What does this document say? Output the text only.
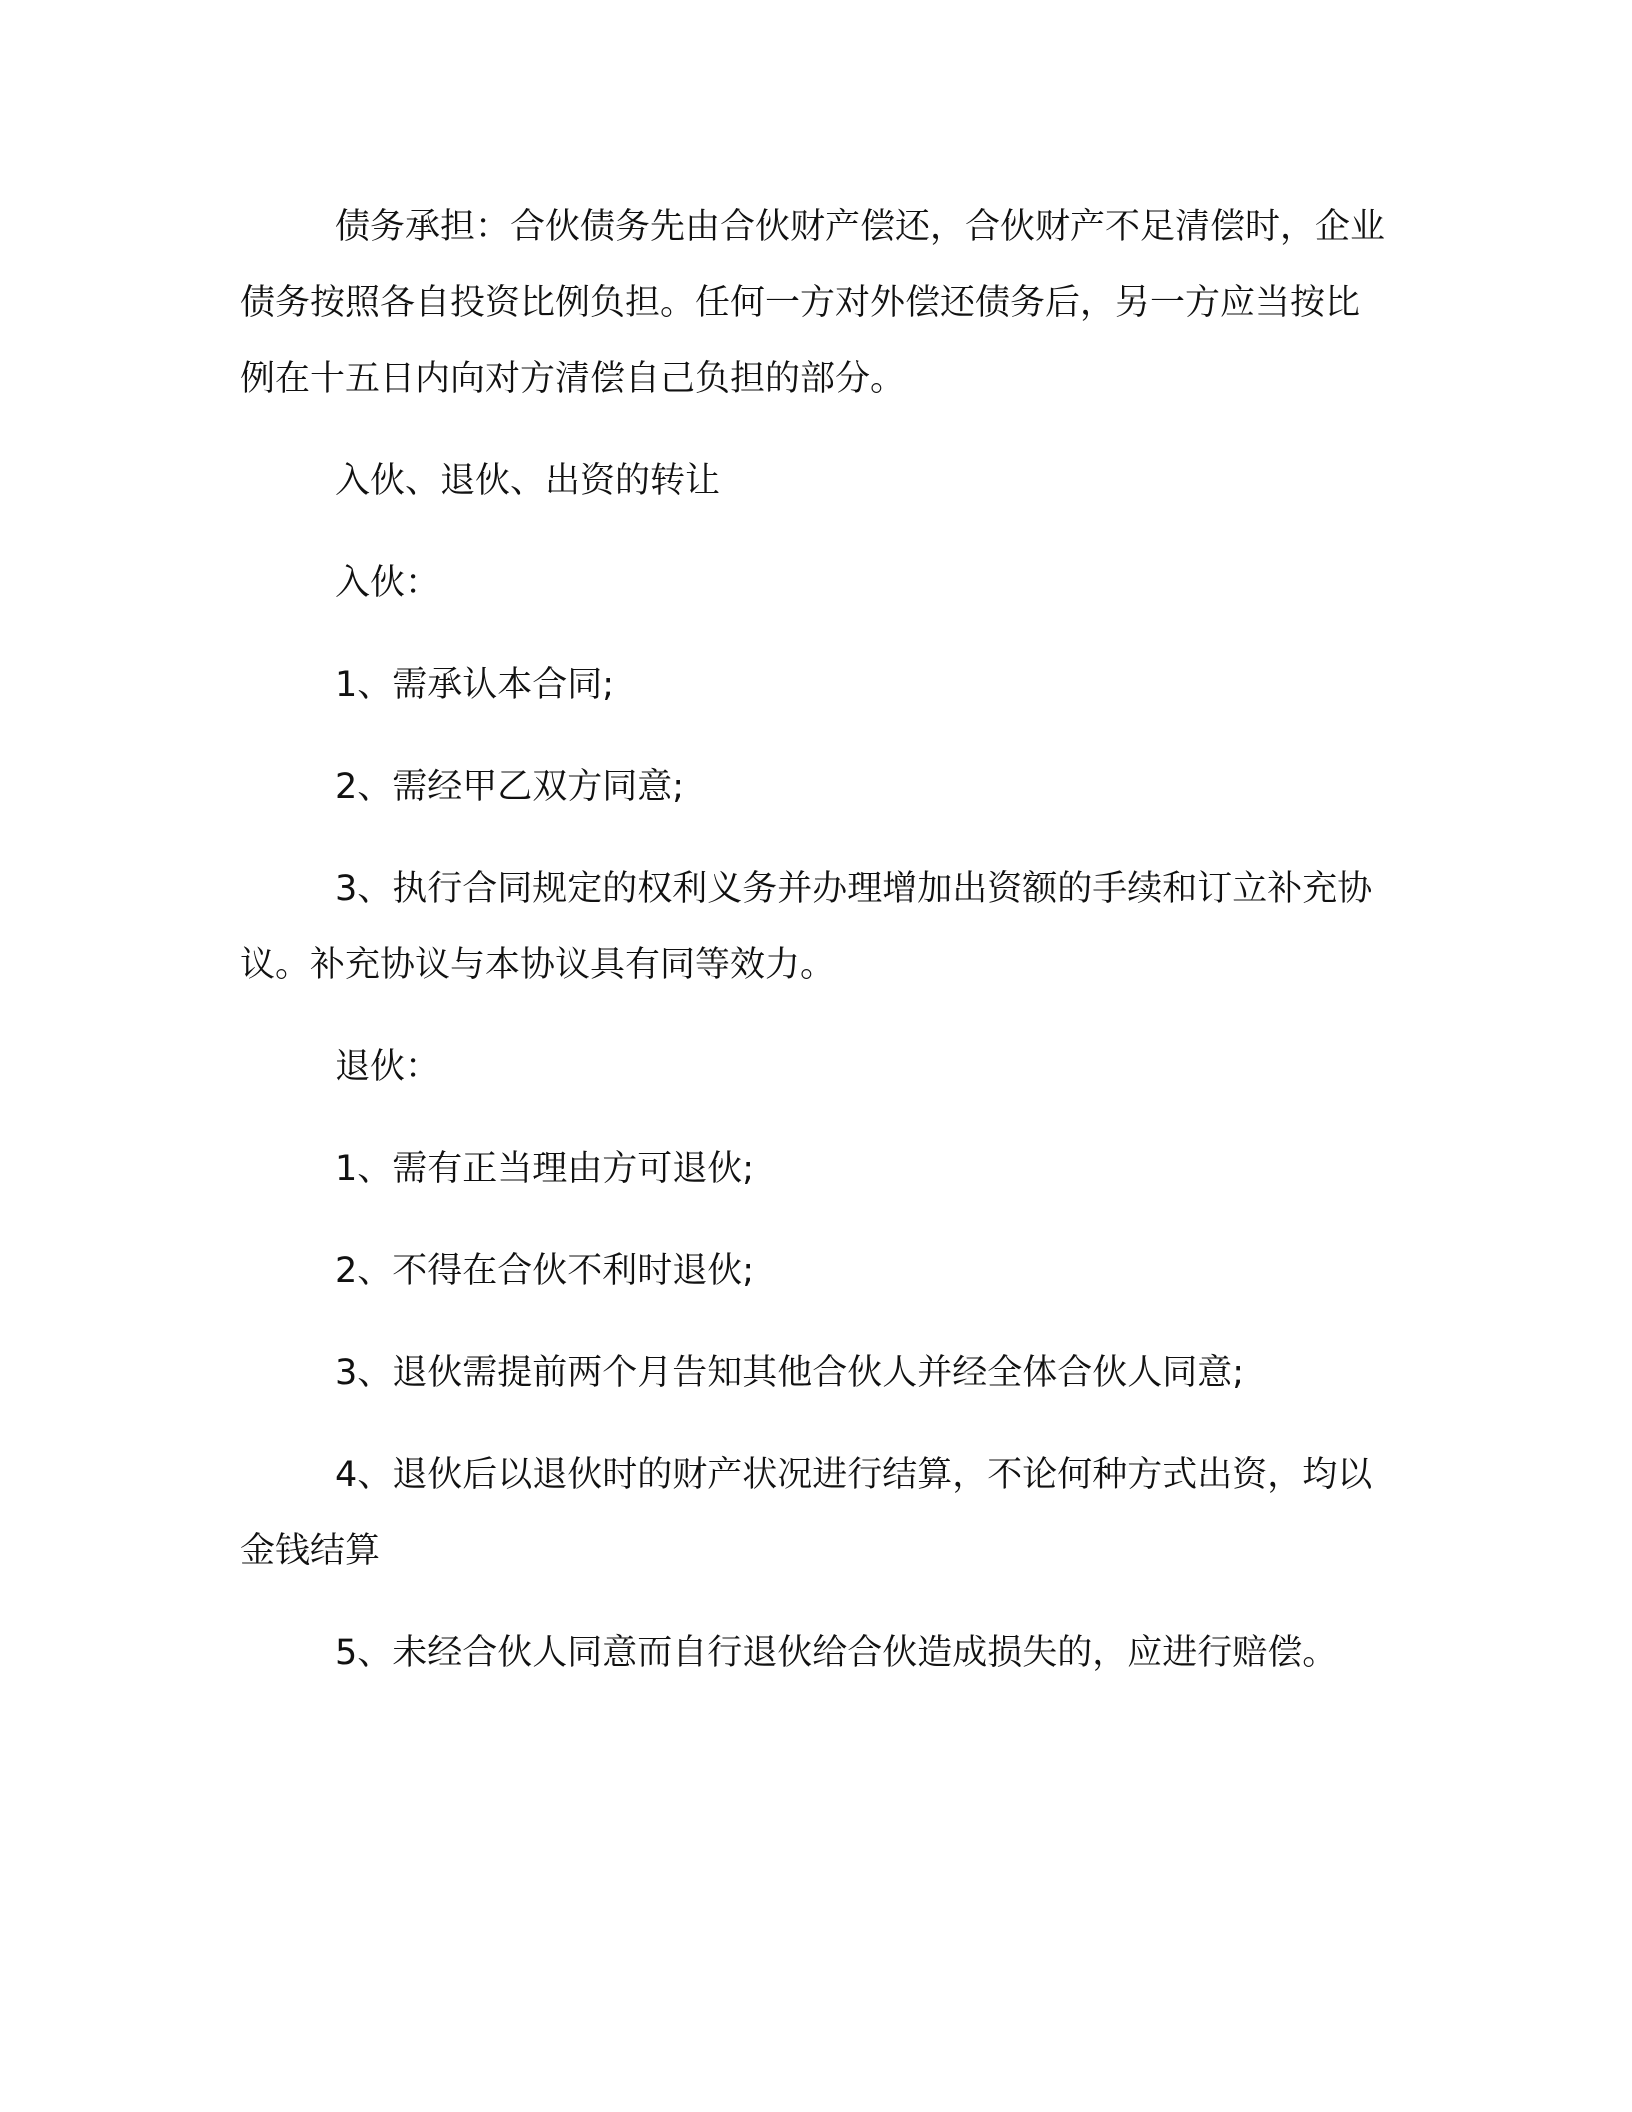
债务承担：合伙债务先由合伙财产偿还，合伙财产不足清偿时，企业债务按照各自投资比例负担。任何一方对外偿还债务后，另一方应当按比例在十五日内向对方清偿自己负担的部分。

入伙、退伙、出资的转让

入伙：

1、需承认本合同;

2、需经甲乙双方同意;

3、执行合同规定的权利义务并办理增加出资额的手续和订立补充协议。补充协议与本协议具有同等效力。

退伙：

1、需有正当理由方可退伙;

2、不得在合伙不利时退伙;

3、退伙需提前两个月告知其他合伙人并经全体合伙人同意;

4、退伙后以退伙时的财产状况进行结算，不论何种方式出资，均以金钱结算

5、未经合伙人同意而自行退伙给合伙造成损失的，应进行赔偿。
